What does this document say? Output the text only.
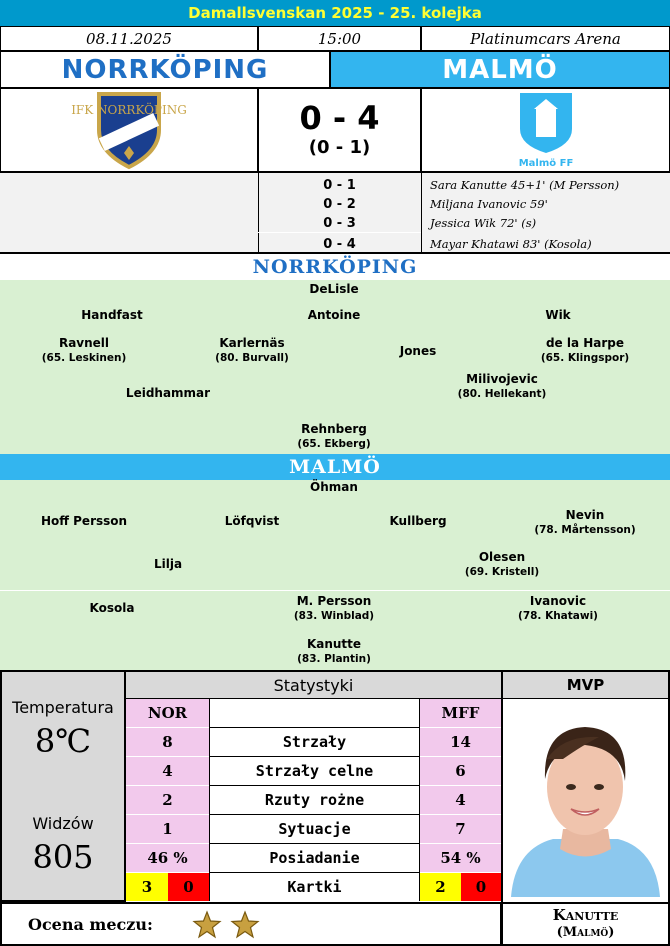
Damallsvenskan 2025 - 25. kolejka
08.11.2025	15:00	Platinumcars Arena
NORRKÖPING	MALMÖ
IFK NORRKÖPING	0 - 4
(0 - 1)
Malmö FF
0 - 1	Sara Kanutte 45+1' (M Persson)
0 - 2	Miljana Ivanovic 59'
0 - 3	Jessica Wik 72' (s)
0 - 4	Mayar Khatawi 83' (Kosola)
NORRKÖPING
DeLisle
Handfast	Antoine	Wik
Ravnell
(65. Leskinen)
Karlernäs
(80. Burvall)	Jones
de la Harpe
(65. Klingspor)
Leidhammar
Milivojevic
(80. Hellekant)
Rehnberg
(65. Ekberg)
MALMÖ
Öhman
Hoff Persson	Löfqvist	Kullberg	Nevin
(78. Mårtensson)
Lilja	Olesen
(69. Kristell)
Kosola	M. Persson
(83. Winblad)
Ivanovic
(78. Khatawi)
Kanutte
(83. Plantin)
Temperatura
8℃
Widzów
805
Statystyki
NOR	MFF
8	Strzały	14
4	Strzały celne	6
2	Rzuty rożne	4
1	Sytuacje	7
46 %	Posiadanie	54 %
3	0	Kartki	2	0
MVP
Kanutte
(Malmö)
Ocena meczu:
